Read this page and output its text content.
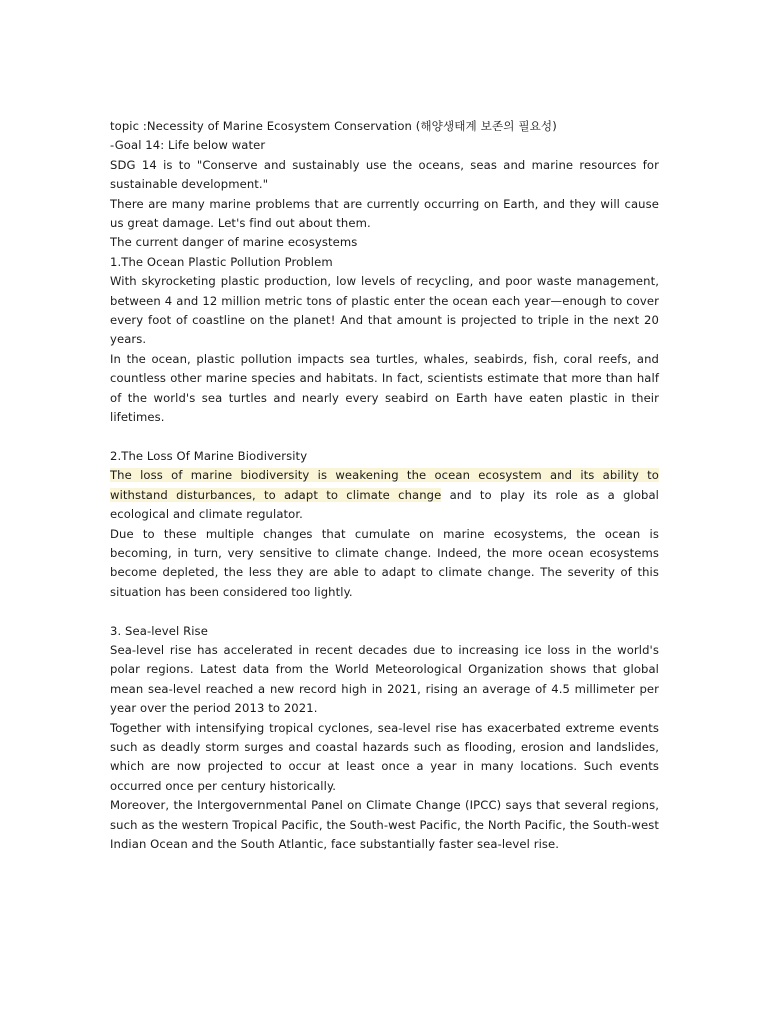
topic :Necessity of Marine Ecosystem Conservation (해양생태계 보존의 필요성)

-Goal 14: Life below water

SDG 14 is to "Conserve and sustainably use the oceans, seas and marine resources for sustainable development."

There are many marine problems that are currently occurring on Earth, and they will cause us great damage. Let's find out about them.

The current danger of marine ecosystems

1.The Ocean Plastic Pollution Problem

With skyrocketing plastic production, low levels of recycling, and poor waste management, between 4 and 12 million metric tons of plastic enter the ocean each year—enough to cover every foot of coastline on the planet! And that amount is projected to triple in the next 20 years.

In the ocean, plastic pollution impacts sea turtles, whales, seabirds, fish, coral reefs, and countless other marine species and habitats. In fact, scientists estimate that more than half of the world's sea turtles and nearly every seabird on Earth have eaten plastic in their lifetimes.

2.The Loss Of Marine Biodiversity

The loss of marine biodiversity is weakening the ocean ecosystem and its ability to withstand disturbances, to adapt to climate change and to play its role as a global ecological and climate regulator.

Due to these multiple changes that cumulate on marine ecosystems, the ocean is becoming, in turn, very sensitive to climate change. Indeed, the more ocean ecosystems become depleted, the less they are able to adapt to climate change. The severity of this situation has been considered too lightly.

3. Sea-level Rise

Sea-level rise has accelerated in recent decades due to increasing ice loss in the world's polar regions. Latest data from the World Meteorological Organization shows that global mean sea-level reached a new record high in 2021, rising an average of 4.5 millimeter per year over the period 2013 to 2021.

Together with intensifying tropical cyclones, sea-level rise has exacerbated extreme events such as deadly storm surges and coastal hazards such as flooding, erosion and landslides, which are now projected to occur at least once a year in many locations. Such events occurred once per century historically.

Moreover, the Intergovernmental Panel on Climate Change (IPCC) says that several regions, such as the western Tropical Pacific, the South-west Pacific, the North Pacific, the South-west Indian Ocean and the South Atlantic, face substantially faster sea-level rise.
